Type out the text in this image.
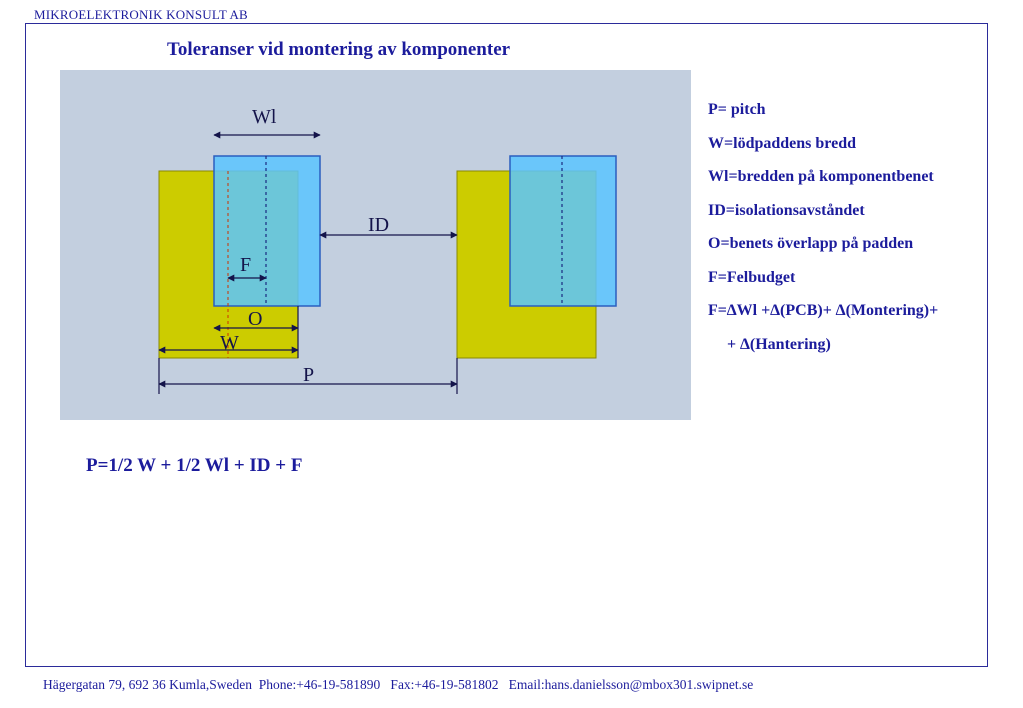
MIKROELEKTRONIK KONSULT AB
Toleranser vid montering av komponenter
Wl
ID
F
O
W
P
P= pitch
W=lödpaddens bredd
Wl=bredden på komponentbenet
ID=isolationsavståndet
O=benets överlapp på padden
F=Felbudget
F=∆Wl +∆(PCB)+ ∆(Montering)+
+ ∆(Hantering)
P=1/2 W + 1/2 Wl + ID + F
Hägergatan 79, 692 36 Kumla,Sweden  Phone:+46-19-581890   Fax:+46-19-581802   Email:hans.danielsson@mbox301.swipnet.se
